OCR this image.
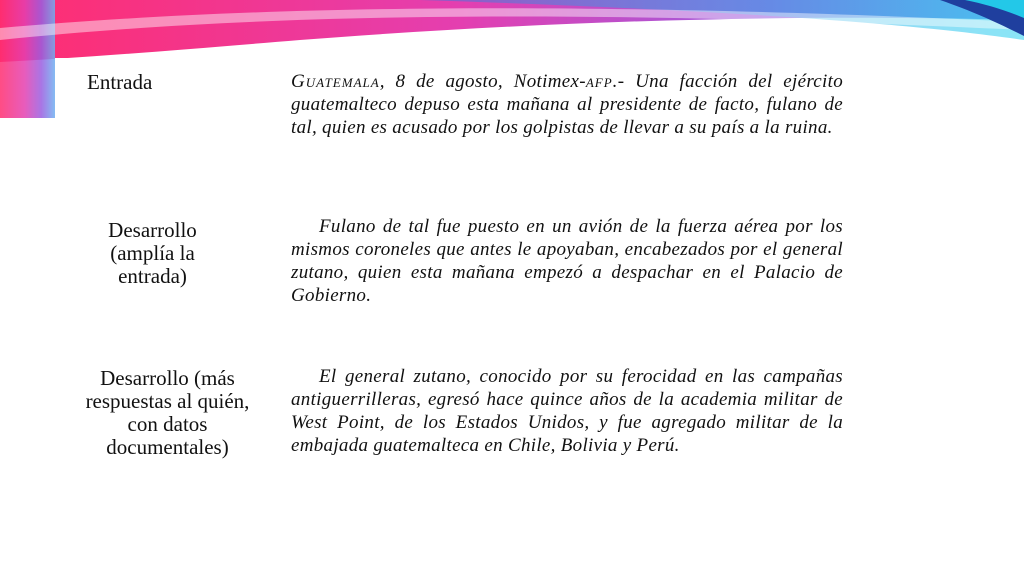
Entrada	Guatemala, 8 de agosto, Notimex-afp.- Una facción del ejército guatemalteco depuso esta mañana al presidente de facto, fulano de tal, quien es acusado por los golpistas de llevar a su país a la ruina.
Desarrollo (amplía la entrada)
Fulano de tal fue puesto en un avión de la fuerza aérea por los mismos coroneles que antes le apoyaban, encabezados por el general zutano, quien esta mañana empezó a despachar en el Palacio de Gobierno.
Desarrollo (más respuestas al quién, con datos documentales)
El general zutano, conocido por su ferocidad en las campañas antiguerrilleras, egresó hace quince años de la academia militar de West Point, de los Estados Unidos, y fue agregado militar de la embajada guatemalteca en Chile, Bolivia y Perú.
